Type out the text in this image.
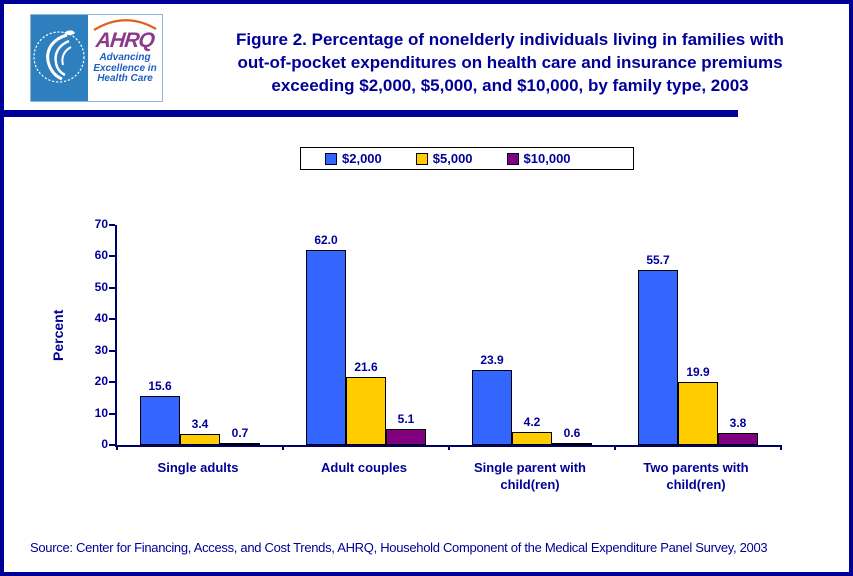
AHRQ
Advancing
Excellence in
Health Care
Figure 2. Percentage of nonelderly individuals living in families with
out-of-pocket expenditures on health care and insurance premiums
exceeding $2,000, $5,000, and $10,000, by family type, 2003
$2,000	$5,000	$10,000
Percent
0
10
20
30
40
50
60
70
15.6
3.4
0.7
62.0
21.6
5.1
23.9
4.2
0.6
55.7
19.9
3.8
Single adults	Adult couples	Single parent with child(ren)
Two parents with child(ren)
Source: Center for Financing, Access, and Cost Trends, AHRQ, Household Component of the Medical Expenditure Panel Survey, 2003
